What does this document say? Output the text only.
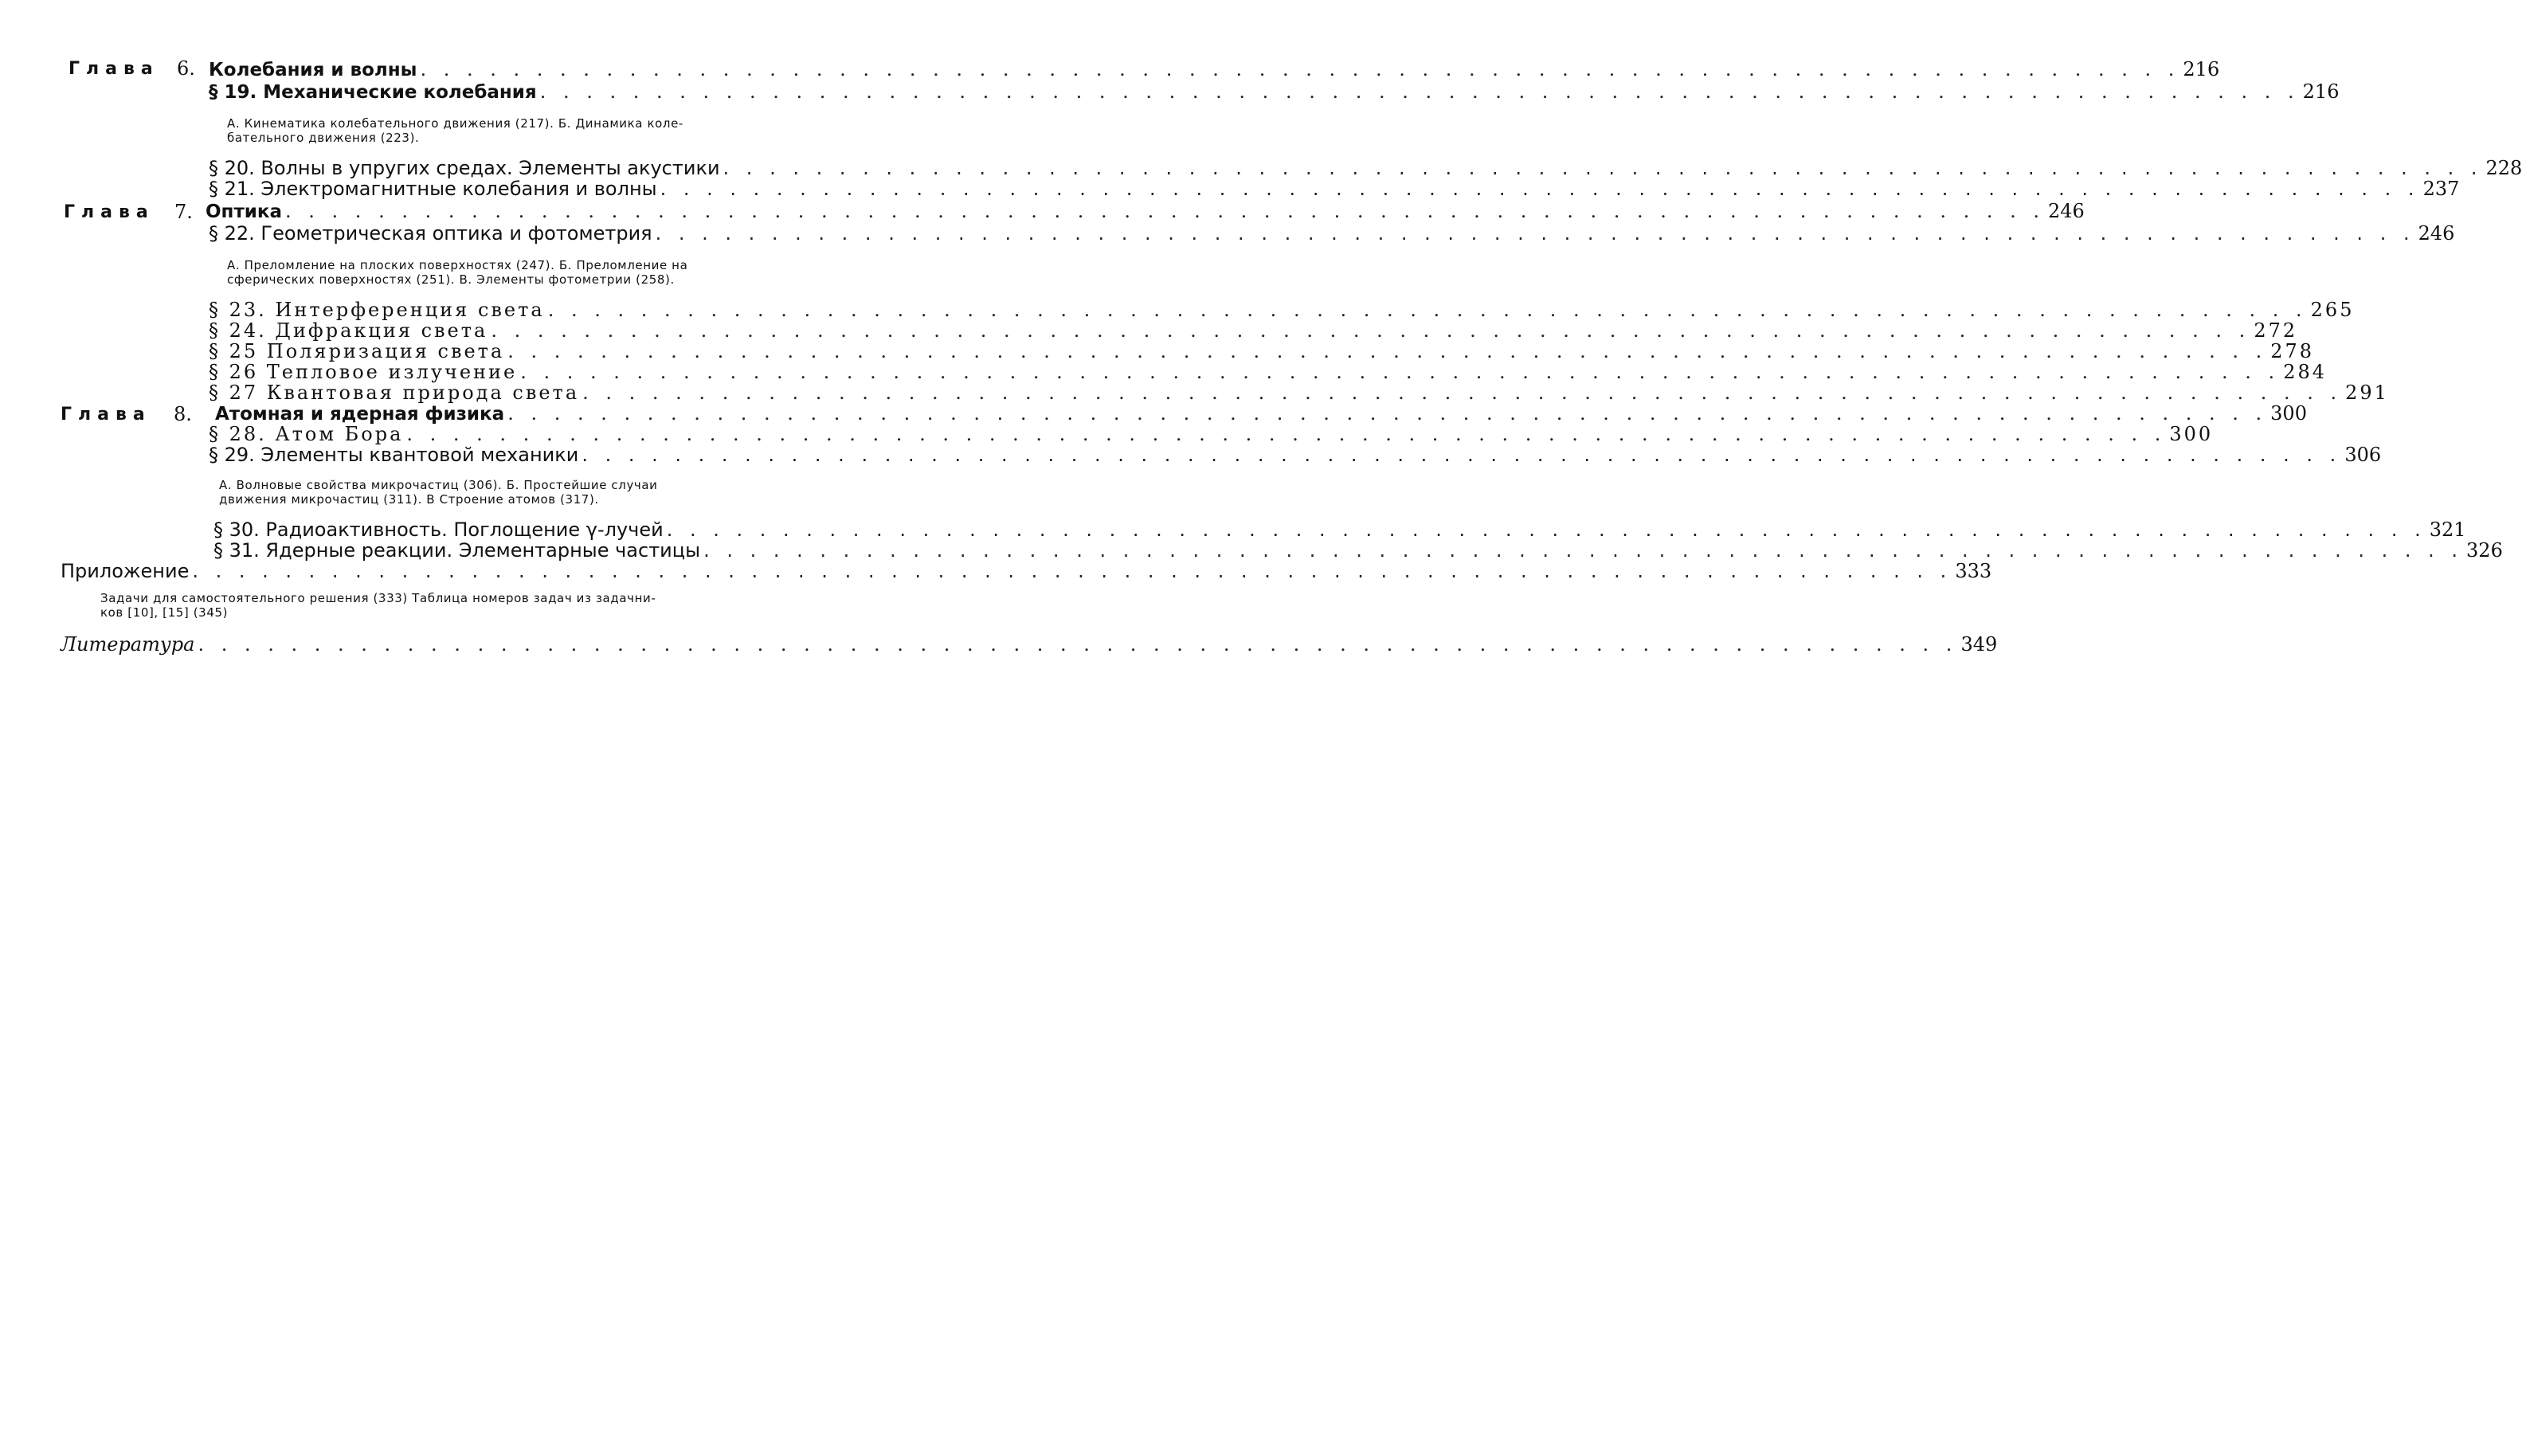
Глава 6. Колебания и волны . . . . . . . . . . . . . . . . . . . . . . . . . . . . . . . . . . . . . . . . . . . . . . . . . . . . . . . . . . . . . . . . . . . . . . . . . . . . 216
§ 19. Механические колебания . . . . . . . . . . . . . . . . . . . . . . . . . . . . . . . . . . . . . . . . . . . . . . . . . . . . . . . . . . . . . . . . . . . . . . . . . . . . 216
А. Кинематика колебательного движения (217). Б. Динамика коле-
бательного движения (223).
§ 20. Волны в упругих средах. Элементы акустики . . . . . . . . . . . . . . . . . . . . . . . . . . . . . . . . . . . . . . . . . . . . . . . . . . . . . . . . . . . . . . . . . . . . . . . . . . . . 228
§ 21. Электромагнитные колебания и волны . . . . . . . . . . . . . . . . . . . . . . . . . . . . . . . . . . . . . . . . . . . . . . . . . . . . . . . . . . . . . . . . . . . . . . . . . . . . 237
Глава 7. Оптика . . . . . . . . . . . . . . . . . . . . . . . . . . . . . . . . . . . . . . . . . . . . . . . . . . . . . . . . . . . . . . . . . . . . . . . . . . . . 246
§ 22. Геометрическая оптика и фотометрия . . . . . . . . . . . . . . . . . . . . . . . . . . . . . . . . . . . . . . . . . . . . . . . . . . . . . . . . . . . . . . . . . . . . . . . . . . . . 246
А. Преломление на плоских поверхностях (247). Б. Преломление на
сферических поверхностях (251). В. Элементы фотометрии (258).
§ 23. Интерференция света . . . . . . . . . . . . . . . . . . . . . . . . . . . . . . . . . . . . . . . . . . . . . . . . . . . . . . . . . . . . . . . . . . . . . . . . . . . . 265
§ 24. Дифракция света . . . . . . . . . . . . . . . . . . . . . . . . . . . . . . . . . . . . . . . . . . . . . . . . . . . . . . . . . . . . . . . . . . . . . . . . . . . . 272
§ 25 Поляризация света . . . . . . . . . . . . . . . . . . . . . . . . . . . . . . . . . . . . . . . . . . . . . . . . . . . . . . . . . . . . . . . . . . . . . . . . . . . . 278
§ 26 Тепловое излучение . . . . . . . . . . . . . . . . . . . . . . . . . . . . . . . . . . . . . . . . . . . . . . . . . . . . . . . . . . . . . . . . . . . . . . . . . . . . 284
§ 27 Квантовая природа света . . . . . . . . . . . . . . . . . . . . . . . . . . . . . . . . . . . . . . . . . . . . . . . . . . . . . . . . . . . . . . . . . . . . . . . . . . . . 291
Глава 8. Атомная и ядерная физика . . . . . . . . . . . . . . . . . . . . . . . . . . . . . . . . . . . . . . . . . . . . . . . . . . . . . . . . . . . . . . . . . . . . . . . . . . . . 300
§ 28. Атом Бора . . . . . . . . . . . . . . . . . . . . . . . . . . . . . . . . . . . . . . . . . . . . . . . . . . . . . . . . . . . . . . . . . . . . . . . . . . . . 300
§ 29. Элементы квантовой механики . . . . . . . . . . . . . . . . . . . . . . . . . . . . . . . . . . . . . . . . . . . . . . . . . . . . . . . . . . . . . . . . . . . . . . . . . . . . 306
А. Волновые свойства микрочастиц (306). Б. Простейшие случаи
движения микрочастиц (311). В Строение атомов (317).
§ 30. Радиоактивность. Поглощение γ-лучей . . . . . . . . . . . . . . . . . . . . . . . . . . . . . . . . . . . . . . . . . . . . . . . . . . . . . . . . . . . . . . . . . . . . . . . . . . . . 321
§ 31. Ядерные реакции. Элементарные частицы . . . . . . . . . . . . . . . . . . . . . . . . . . . . . . . . . . . . . . . . . . . . . . . . . . . . . . . . . . . . . . . . . . . . . . . . . . . . 326
Приложение . . . . . . . . . . . . . . . . . . . . . . . . . . . . . . . . . . . . . . . . . . . . . . . . . . . . . . . . . . . . . . . . . . . . . . . . . . . . 333
Задачи для самостоятельного решения (333) Таблица номеров задач из задачни-
ков [10], [15] (345)
Литература . . . . . . . . . . . . . . . . . . . . . . . . . . . . . . . . . . . . . . . . . . . . . . . . . . . . . . . . . . . . . . . . . . . . . . . . . . . . 349
